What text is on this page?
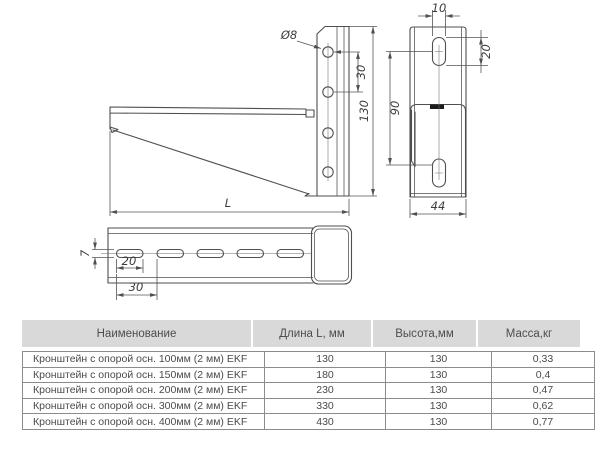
Ø8
30
130
L
10
20
90
44
7
20
30
Наименование	Длина L, мм	Высота,мм	Масса,кг
Кронштейн с опорой осн. 100мм (2 мм) EKF	130	130	0,33
Кронштейн с опорой осн. 150мм (2 мм) EKF	180	130	0,4
Кронштейн с опорой осн. 200мм (2 мм) EKF	230	130	0,47
Кронштейн с опорой осн. 300мм (2 мм) EKF	330	130	0,62
Кронштейн с опорой осн. 400мм (2 мм) EKF	430	130	0,77
